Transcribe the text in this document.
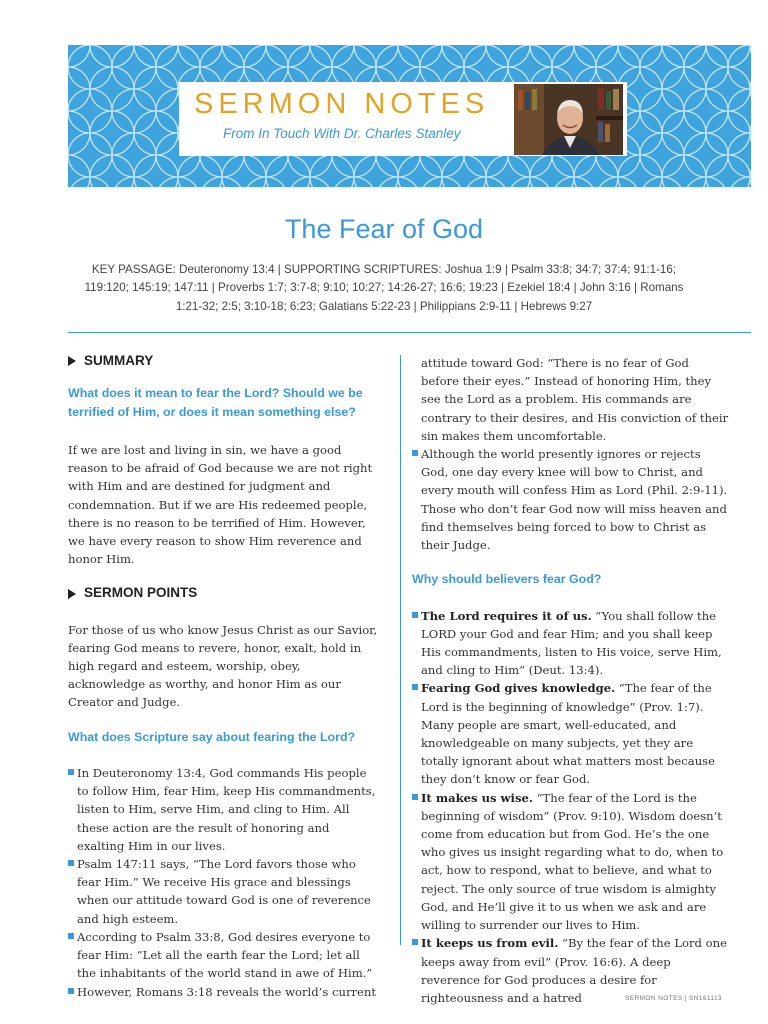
SERMON NOTES
From In Touch With Dr. Charles Stanley
The Fear of God
KEY PASSAGE: Deuteronomy 13:4 | SUPPORTING SCRIPTURES: Joshua 1:9 | Psalm 33:8; 34:7; 37:4; 91:1-16; 119:120; 145:19; 147:11 | Proverbs 1:7; 3:7-8; 9:10; 10:27; 14:26-27; 16:6; 19:23 | Ezekiel 18:4 | John 3:16 | Romans 1:21-32; 2:5; 3:10-18; 6:23; Galatians 5:22-23 | Philippians 2:9-11 | Hebrews 9:27
SUMMARY

What does it mean to fear the Lord? Should we be terrified of Him, or does it mean something else?

If we are lost and living in sin, we have a good reason to be afraid of God because we are not right with Him and are destined for judgment and condemnation. But if we are His redeemed people, there is no reason to be terrified of Him. However, we have every reason to show Him reverence and honor Him.

SERMON POINTS

For those of us who know Jesus Christ as our Savior, fearing God means to revere, honor, exalt, hold in high regard and esteem, worship, obey, acknowledge as worthy, and honor Him as our Creator and Judge.

What does Scripture say about fearing the Lord?

In Deuteronomy 13:4, God commands His people to follow Him, fear Him, keep His commandments, listen to Him, serve Him, and cling to Him. All these action are the result of honoring and exalting Him in our lives.
Psalm 147:11 says, “The Lord favors those who fear Him.” We receive His grace and blessings when our attitude toward God is one of reverence and high esteem.
According to Psalm 33:8, God desires everyone to fear Him: “Let all the earth fear the Lord; let all the inhabitants of the world stand in awe of Him.”
However, Romans 3:18 reveals the world’s current
attitude toward God: “There is no fear of God before their eyes.” Instead of honoring Him, they see the Lord as a problem. His commands are contrary to their desires, and His conviction of their sin makes them uncomfortable.
Although the world presently ignores or rejects God, one day every knee will bow to Christ, and every mouth will confess Him as Lord (Phil. 2:9-11). Those who don’t fear God now will miss heaven and find themselves being forced to bow to Christ as their Judge.

Why should believers fear God?

The Lord requires it of us. “You shall follow the LORD your God and fear Him; and you shall keep His commandments, listen to His voice, serve Him, and cling to Him” (Deut. 13:4).
Fearing God gives knowledge. “The fear of the Lord is the beginning of knowledge” (Prov. 1:7). Many people are smart, well-educated, and knowledgeable on many subjects, yet they are totally ignorant about what matters most because they don’t know or fear God.
It makes us wise. “The fear of the Lord is the beginning of wisdom” (Prov. 9:10). Wisdom doesn’t come from education but from God. He’s the one who gives us insight regarding what to do, when to act, how to respond, what to believe, and what to reject. The only source of true wisdom is almighty God, and He’ll give it to us when we ask and are willing to surrender our lives to Him.
It keeps us from evil. “By the fear of the Lord one keeps away from evil” (Prov. 16:6). A deep reverence for God produces a desire for righteousness and a hatred	SERMON NOTES | SN161113
